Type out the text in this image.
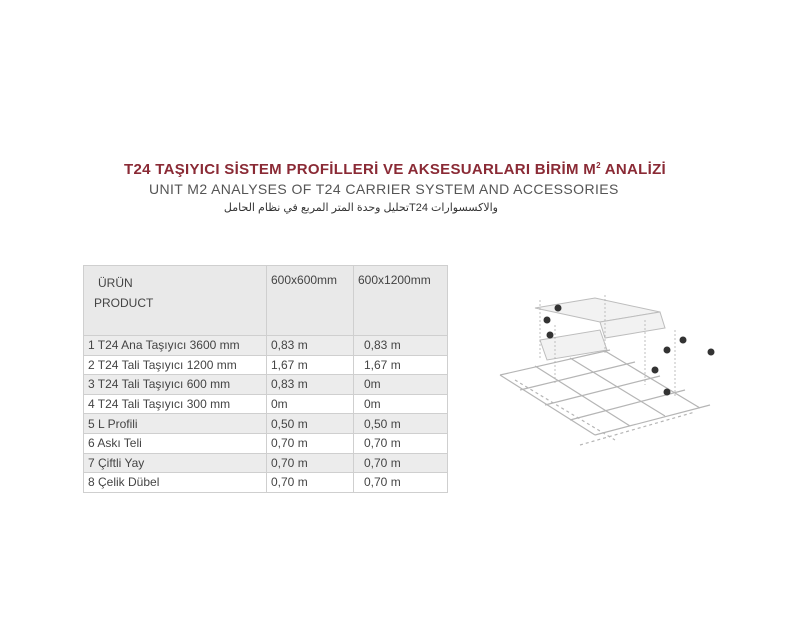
T24 TAŞIYICI SİSTEM PROFİLLERİ VE AKSESUARLARI BİRİM $M^2$ ANALİZİ
UNIT M2 ANALYSES OF T24 CARRIER SYSTEM AND ACCESSORIES
والاكسسوارات T24تحليل وحدة المتر المربع في نظام الحامل
ÜRÜN
PRODUCT	600x600mm	600x1200mm
1 T24 Ana Taşıyıcı 3600 mm	0,83 m	0,83 m
2 T24 Tali Taşıyıcı 1200 mm	1,67 m	1,67 m
3 T24 Tali Taşıyıcı 600 mm	0,83 m	0m
4 T24 Tali Taşıyıcı 300 mm	0m	0m
5 L Profili	0,50 m	0,50 m
6 Askı Teli	0,70 m	0,70 m
7 Çiftli Yay	0,70 m	0,70 m
8 Çelik Dübel	0,70 m	0,70 m
